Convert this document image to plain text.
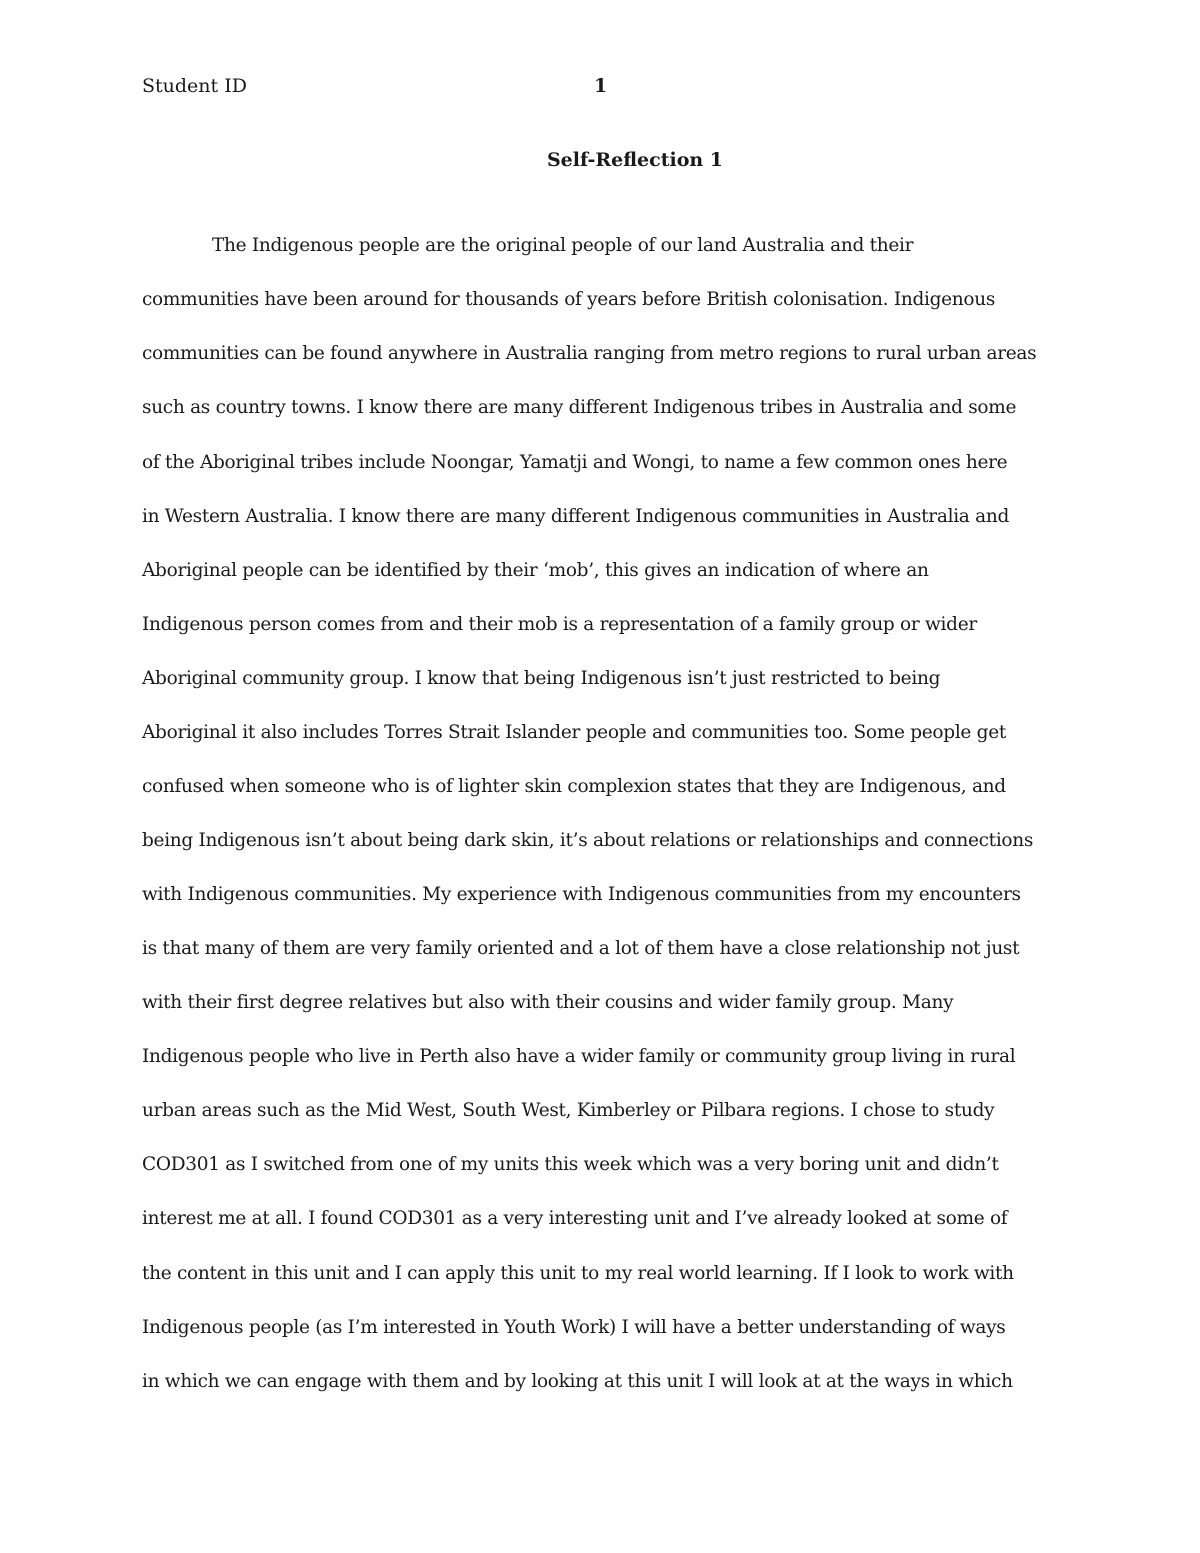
Student ID	1
Self-Reflection 1
The Indigenous people are the original people of our land Australia and their
communities have been around for thousands of years before British colonisation. Indigenous
communities can be found anywhere in Australia ranging from metro regions to rural urban areas
such as country towns. I know there are many different Indigenous tribes in Australia and some
of the Aboriginal tribes include Noongar, Yamatji and Wongi, to name a few common ones here
in Western Australia. I know there are many different Indigenous communities in Australia and
Aboriginal people can be identified by their ‘mob’, this gives an indication of where an
Indigenous person comes from and their mob is a representation of a family group or wider
Aboriginal community group. I know that being Indigenous isn’t just restricted to being
Aboriginal it also includes Torres Strait Islander people and communities too. Some people get
confused when someone who is of lighter skin complexion states that they are Indigenous, and
being Indigenous isn’t about being dark skin, it’s about relations or relationships and connections
with Indigenous communities. My experience with Indigenous communities from my encounters
is that many of them are very family oriented and a lot of them have a close relationship not just
with their first degree relatives but also with their cousins and wider family group. Many
Indigenous people who live in Perth also have a wider family or community group living in rural
urban areas such as the Mid West, South West, Kimberley or Pilbara regions. I chose to study
COD301 as I switched from one of my units this week which was a very boring unit and didn’t
interest me at all. I found COD301 as a very interesting unit and I’ve already looked at some of
the content in this unit and I can apply this unit to my real world learning. If I look to work with
Indigenous people (as I’m interested in Youth Work) I will have a better understanding of ways
in which we can engage with them and by looking at this unit I will look at at the ways in which
